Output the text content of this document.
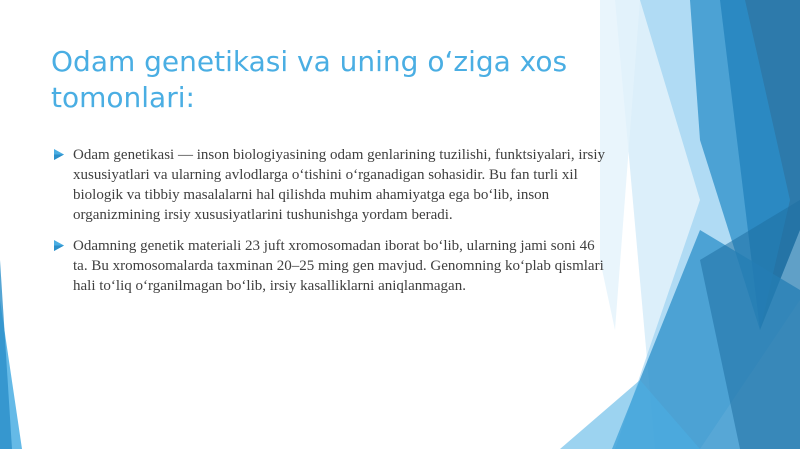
Odam genetikasi va uning o‘ziga xos tomonlari:
Odam genetikasi — inson biologiyasining odam genlarining tuzilishi, funktsiyalari, irsiy xususiyatlari va ularning avlodlarga o‘tishini o‘rganadigan sohasidir. Bu fan turli xil biologik va tibbiy masalalarni hal qilishda muhim ahamiyatga ega bo‘lib, inson organizmining irsiy xususiyatlarini tushunishga yordam beradi.
Odamning genetik materiali 23 juft xromosomadan iborat bo‘lib, ularning jami soni 46 ta. Bu xromosomalarda taxminan 20–25 ming gen mavjud. Genomning ko‘plab qismlari hali to‘liq o‘rganilmagan bo‘lib, irsiy kasalliklarni aniqlanmagan.
